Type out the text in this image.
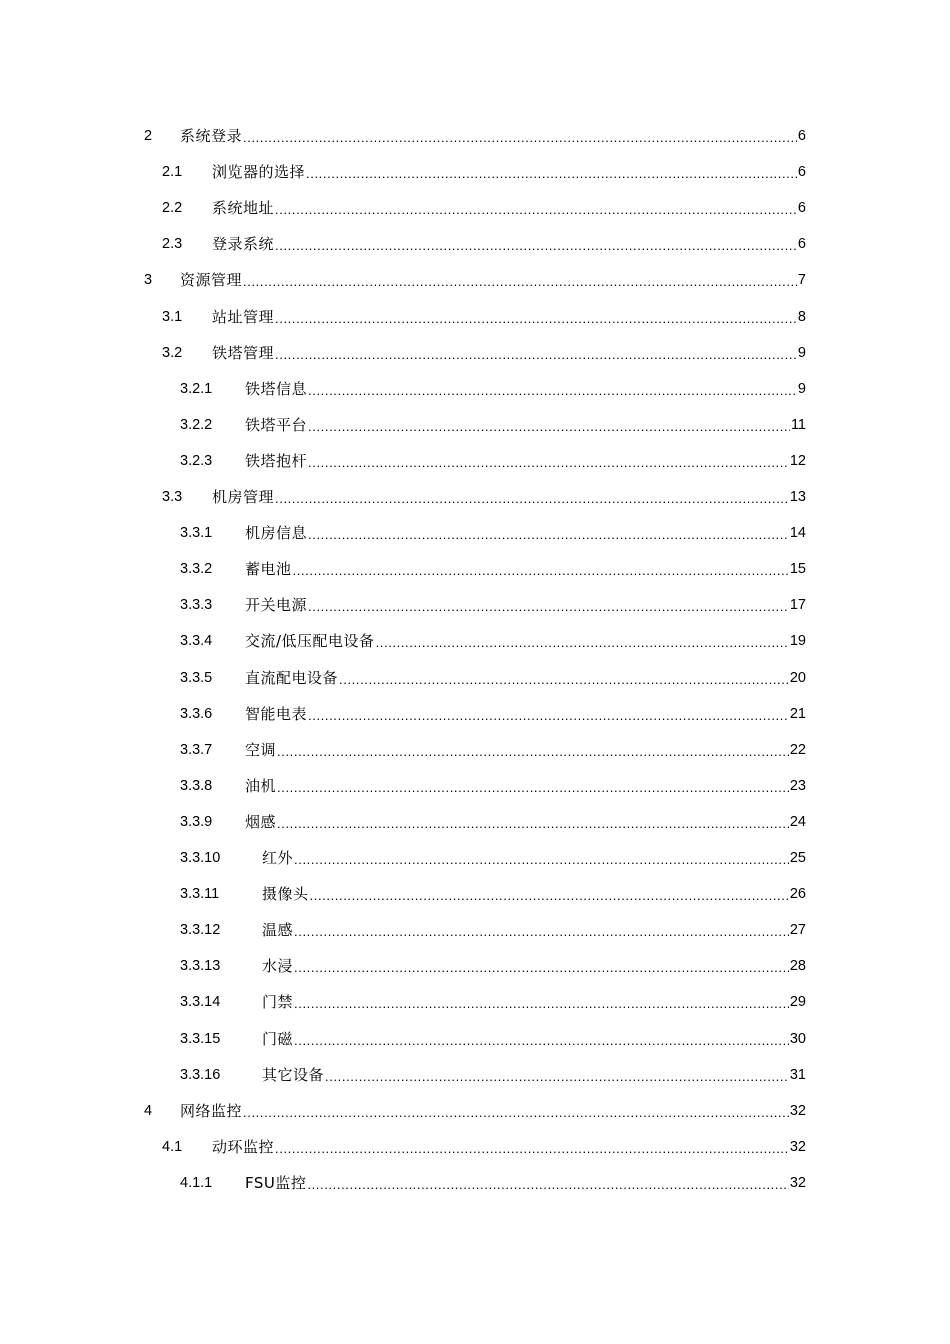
2	系统登录 .....	6
2.1	浏览器的选择 .....	6
2.2	系统地址 .....	6
2.3	登录系统 .....	6
3	资源管理 .....	7
3.1	站址管理 .....	8
3.2	铁塔管理 .....	9
3.2.1	铁塔信息 .....	9
3.2.2	铁塔平台 .....	11
3.2.3	铁塔抱杆 .....	12
3.3	机房管理 .....	13
3.3.1	机房信息 .....	14
3.3.2	蓄电池 .....	15
3.3.3	开关电源 .....	17
3.3.4	交流/低压配电设备 .....	19
3.3.5	直流配电设备 .....	20
3.3.6	智能电表 .....	21
3.3.7	空调 .....	22
3.3.8	油机 .....	23
3.3.9	烟感 .....	24
3.3.10	红外 .....	25
3.3.11	摄像头 .....	26
3.3.12	温感 .....	27
3.3.13	水浸 .....	28
3.3.14	门禁 .....	29
3.3.15	门磁 .....	30
3.3.16	其它设备 .....	31
4	网络监控 .....	32
4.1	动环监控 .....	32
4.1.1	FSU监控 .....	32
